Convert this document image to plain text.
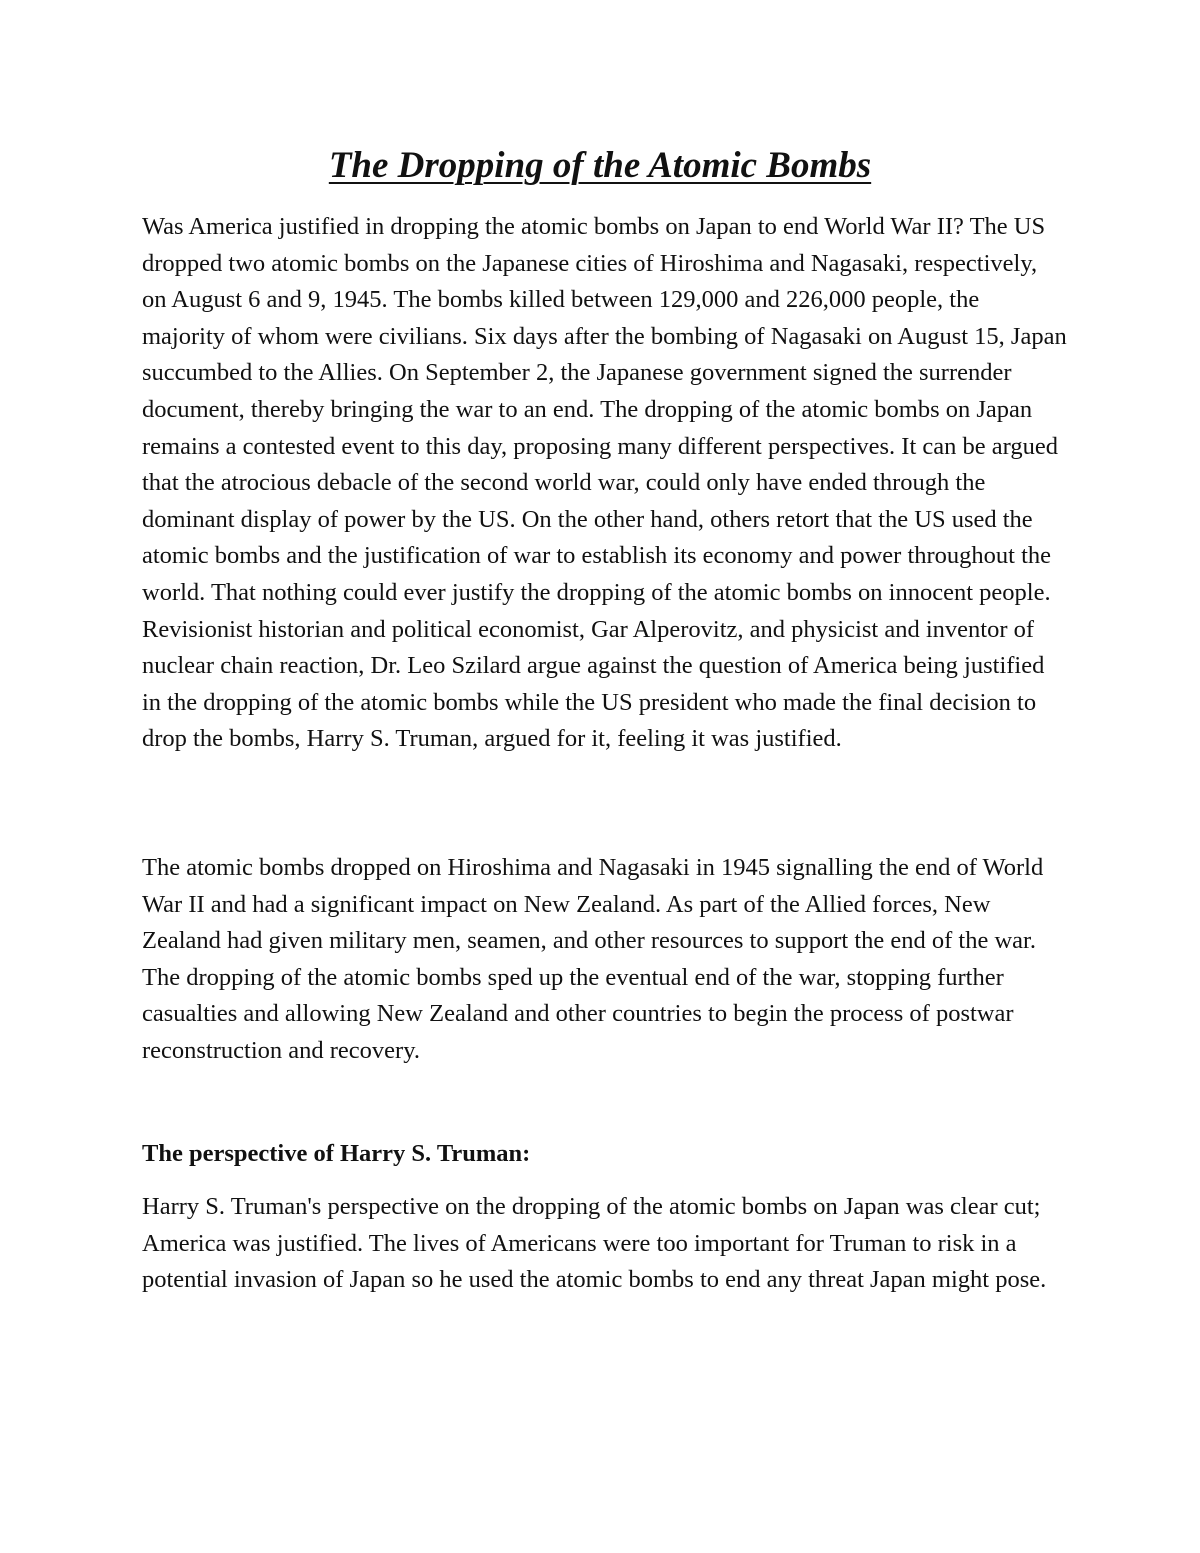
The Dropping of the Atomic Bombs

Was America justified in dropping the atomic bombs on Japan to end World War II? The US dropped two atomic bombs on the Japanese cities of Hiroshima and Nagasaki, respectively, on August 6 and 9, 1945. The bombs killed between 129,000 and 226,000 people, the majority of whom were civilians. Six days after the bombing of Nagasaki on August 15, Japan succumbed to the Allies. On September 2, the Japanese government signed the surrender document, thereby bringing the war to an end. The dropping of the atomic bombs on Japan remains a contested event to this day, proposing many different perspectives. It can be argued that the atrocious debacle of the second world war, could only have ended through the dominant display of power by the US. On the other hand, others retort that the US used the atomic bombs and the justification of war to establish its economy and power throughout the world. That nothing could ever justify the dropping of the atomic bombs on innocent people. Revisionist historian and political economist, Gar Alperovitz, and physicist and inventor of nuclear chain reaction, Dr. Leo Szilard argue against the question of America being justified in the dropping of the atomic bombs while the US president who made the final decision to drop the bombs, Harry S. Truman, argued for it, feeling it was justified.

The atomic bombs dropped on Hiroshima and Nagasaki in 1945 signalling the end of World War II and had a significant impact on New Zealand. As part of the Allied forces, New Zealand had given military men, seamen, and other resources to support the end of the war. The dropping of the atomic bombs sped up the eventual end of the war, stopping further casualties and allowing New Zealand and other countries to begin the process of postwar reconstruction and recovery.

The perspective of Harry S. Truman:

Harry S. Truman's perspective on the dropping of the atomic bombs on Japan was clear cut; America was justified. The lives of Americans were too important for Truman to risk in a potential invasion of Japan so he used the atomic bombs to end any threat Japan might pose.
